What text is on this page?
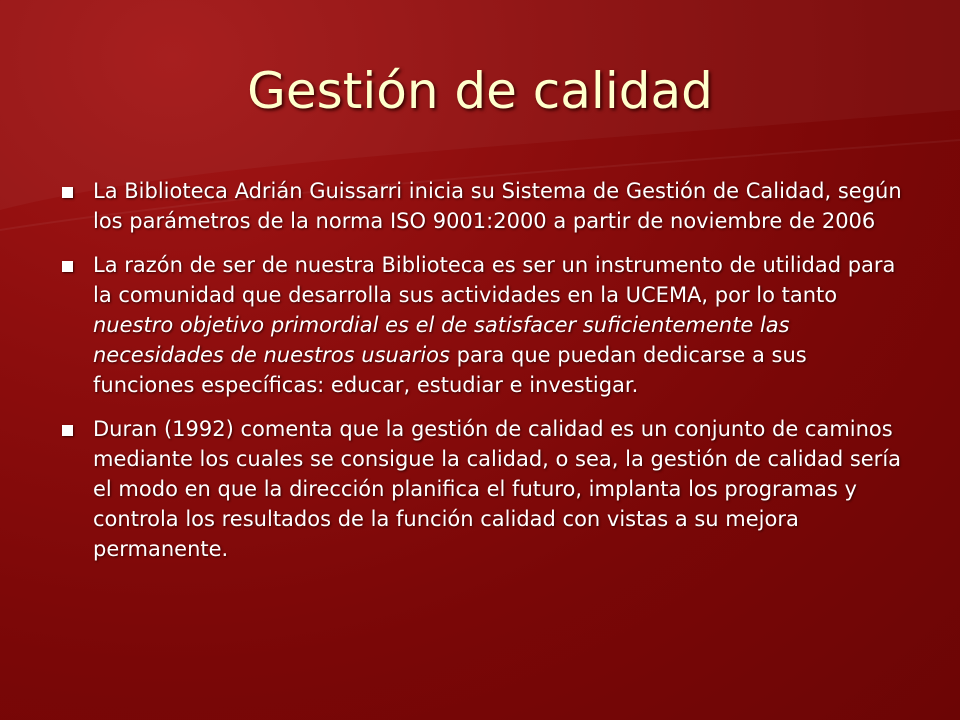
Gestión de calidad
La Biblioteca Adrián Guissarri inicia su Sistema de Gestión de Calidad, según los parámetros de la norma ISO 9001:2000 a partir de noviembre de 2006
La razón de ser de nuestra Biblioteca es ser un instrumento de utilidad para la comunidad que desarrolla sus actividades en la UCEMA, por lo tanto nuestro objetivo primordial es el de satisfacer suficientemente las necesidades de nuestros usuarios para que puedan dedicarse a sus funciones específicas: educar, estudiar e investigar.
Duran (1992) comenta que la gestión de calidad es un conjunto de caminos mediante los cuales se consigue la calidad, o sea, la gestión de calidad sería el modo en que la dirección planifica el futuro, implanta los programas y controla los resultados de la función calidad con vistas a su mejora permanente.
